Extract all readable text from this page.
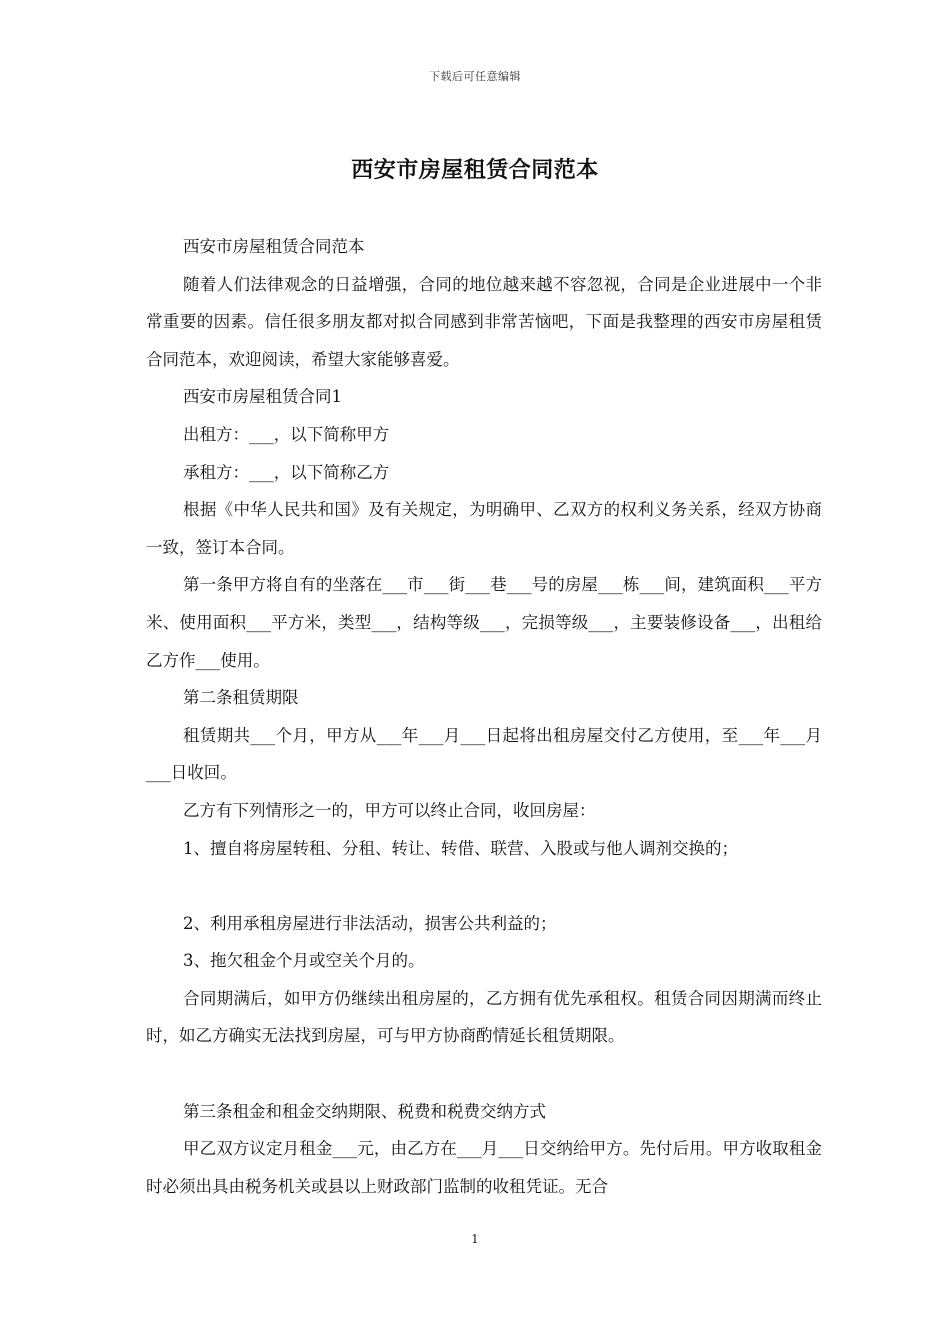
下载后可任意编辑
西安市房屋租赁合同范本

西安市房屋租赁合同范本

随着人们法律观念的日益增强，合同的地位越来越不容忽视，合同是企业进展中一个非常重要的因素。信任很多朋友都对拟合同感到非常苦恼吧，下面是我整理的西安市房屋租赁合同范本，欢迎阅读，希望大家能够喜爱。

西安市房屋租赁合同1

出租方：___，以下简称甲方

承租方：___，以下简称乙方

根据《中华人民共和国》及有关规定，为明确甲、乙双方的权利义务关系，经双方协商一致，签订本合同。

第一条甲方将自有的坐落在___市___街___巷___号的房屋___栋___间，建筑面积___平方米、使用面积___平方米，类型___，结构等级___，完损等级___，主要装修设备___，出租给乙方作___使用。

第二条租赁期限

租赁期共___个月，甲方从___年___月___日起将出租房屋交付乙方使用，至___年___月___日收回。

乙方有下列情形之一的，甲方可以终止合同，收回房屋：

1、擅自将房屋转租、分租、转让、转借、联营、入股或与他人调剂交换的；

2、利用承租房屋进行非法活动，损害公共利益的；

3、拖欠租金个月或空关个月的。

合同期满后，如甲方仍继续出租房屋的，乙方拥有优先承租权。租赁合同因期满而终止时，如乙方确实无法找到房屋，可与甲方协商酌情延长租赁期限。

第三条租金和租金交纳期限、税费和税费交纳方式

甲乙双方议定月租金___元，由乙方在___月___日交纳给甲方。先付后用。甲方收取租金时必须出具由税务机关或县以上财政部门监制的收租凭证。无合

1
